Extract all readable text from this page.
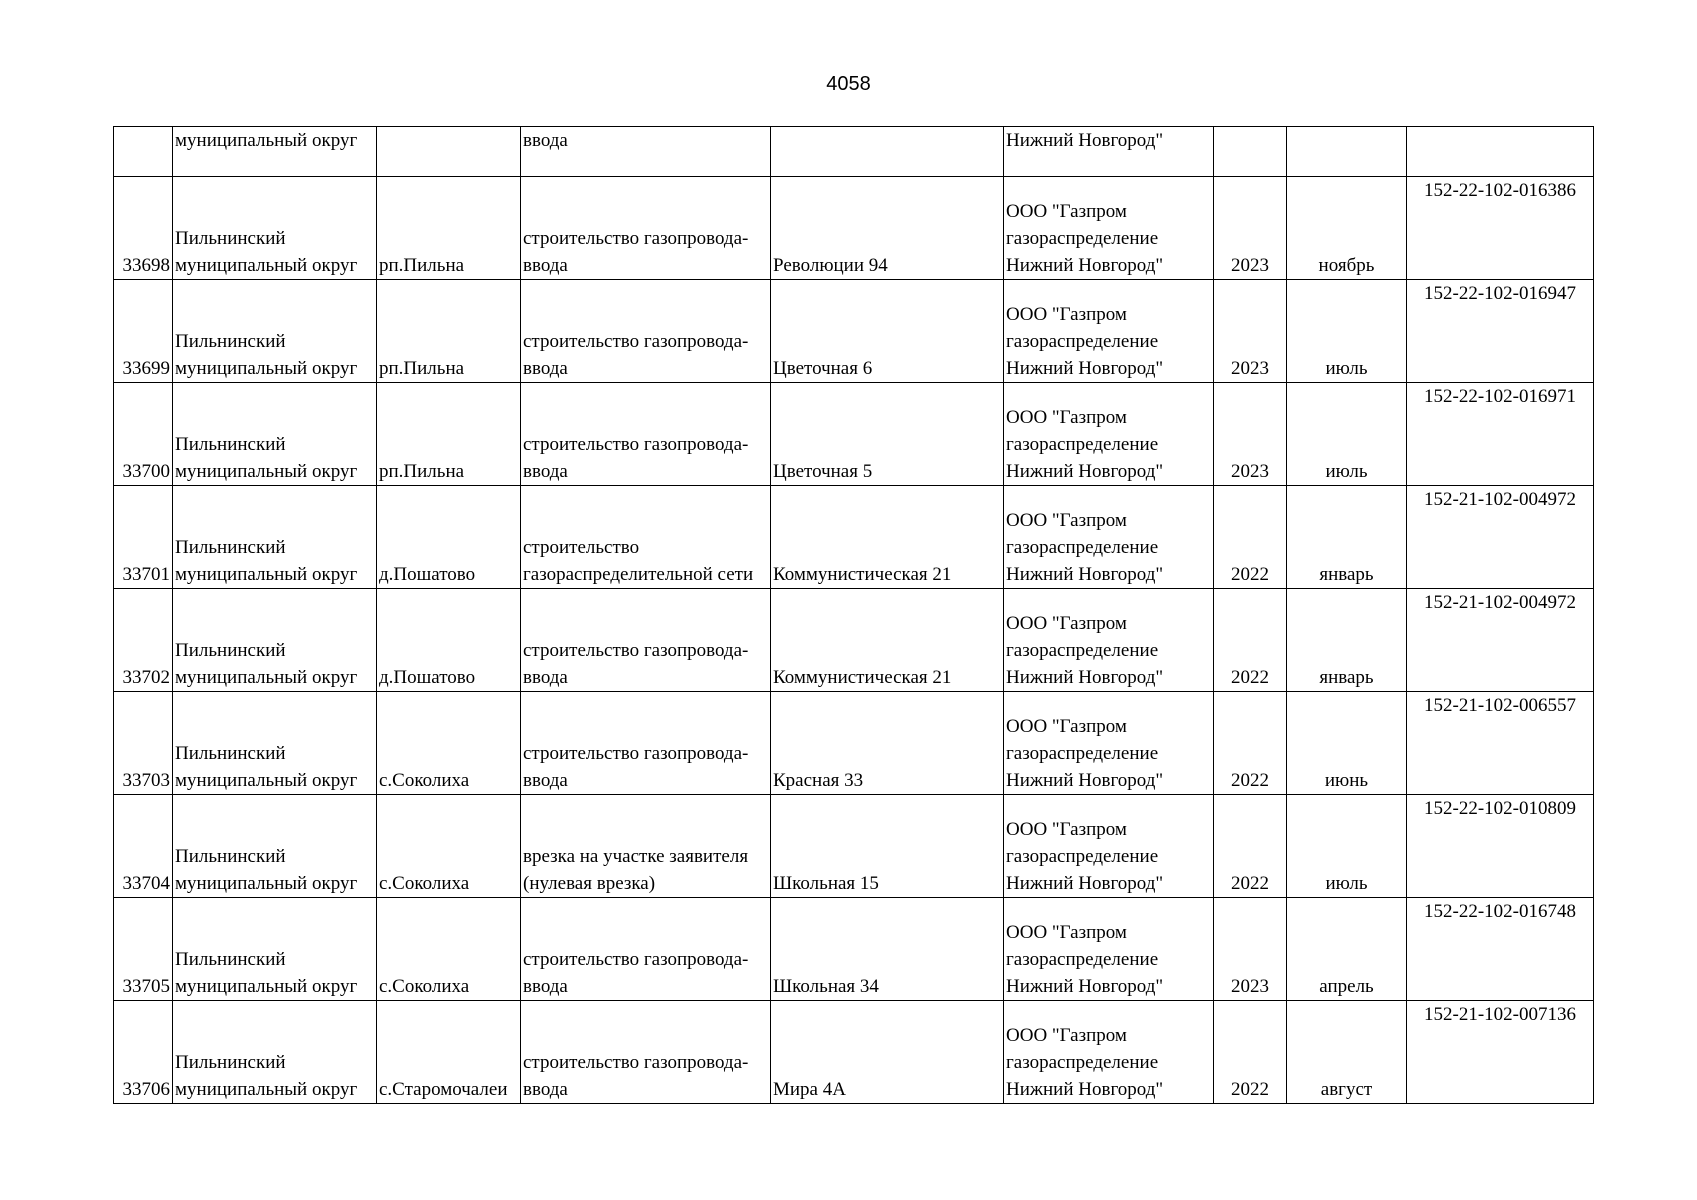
4058
	муниципальный округ		ввода		Нижний Новгород"			

33698	Пильнинский
муниципальный округ	рп.Пильна	строительство газопровода-
ввода	Революции 94	ООО "Газпром
газораспределение
Нижний Новгород"	2023	ноябрь	152-22-102-016386

33699	Пильнинский
муниципальный округ	рп.Пильна	строительство газопровода-
ввода	Цветочная 6	ООО "Газпром
газораспределение
Нижний Новгород"	2023	июль	152-22-102-016947

33700	Пильнинский
муниципальный округ	рп.Пильна	строительство газопровода-
ввода	Цветочная 5	ООО "Газпром
газораспределение
Нижний Новгород"	2023	июль	152-22-102-016971

33701	Пильнинский
муниципальный округ	д.Пошатово	строительство
газораспределительной сети	Коммунистическая 21	ООО "Газпром
газораспределение
Нижний Новгород"	2022	январь	152-21-102-004972

33702	Пильнинский
муниципальный округ	д.Пошатово	строительство газопровода-
ввода	Коммунистическая 21	ООО "Газпром
газораспределение
Нижний Новгород"	2022	январь	152-21-102-004972

33703	Пильнинский
муниципальный округ	с.Соколиха	строительство газопровода-
ввода	Красная 33	ООО "Газпром
газораспределение
Нижний Новгород"	2022	июнь	152-21-102-006557

33704	Пильнинский
муниципальный округ	с.Соколиха	врезка на участке заявителя
(нулевая врезка)	Школьная 15	ООО "Газпром
газораспределение
Нижний Новгород"	2022	июль	152-22-102-010809

33705	Пильнинский
муниципальный округ	с.Соколиха	строительство газопровода-
ввода	Школьная 34	ООО "Газпром
газораспределение
Нижний Новгород"	2023	апрель	152-22-102-016748

33706	Пильнинский
муниципальный округ	с.Старомочалеи	строительство газопровода-
ввода	Мира 4А	ООО "Газпром
газораспределение
Нижний Новгород"	2022	август	152-21-102-007136
